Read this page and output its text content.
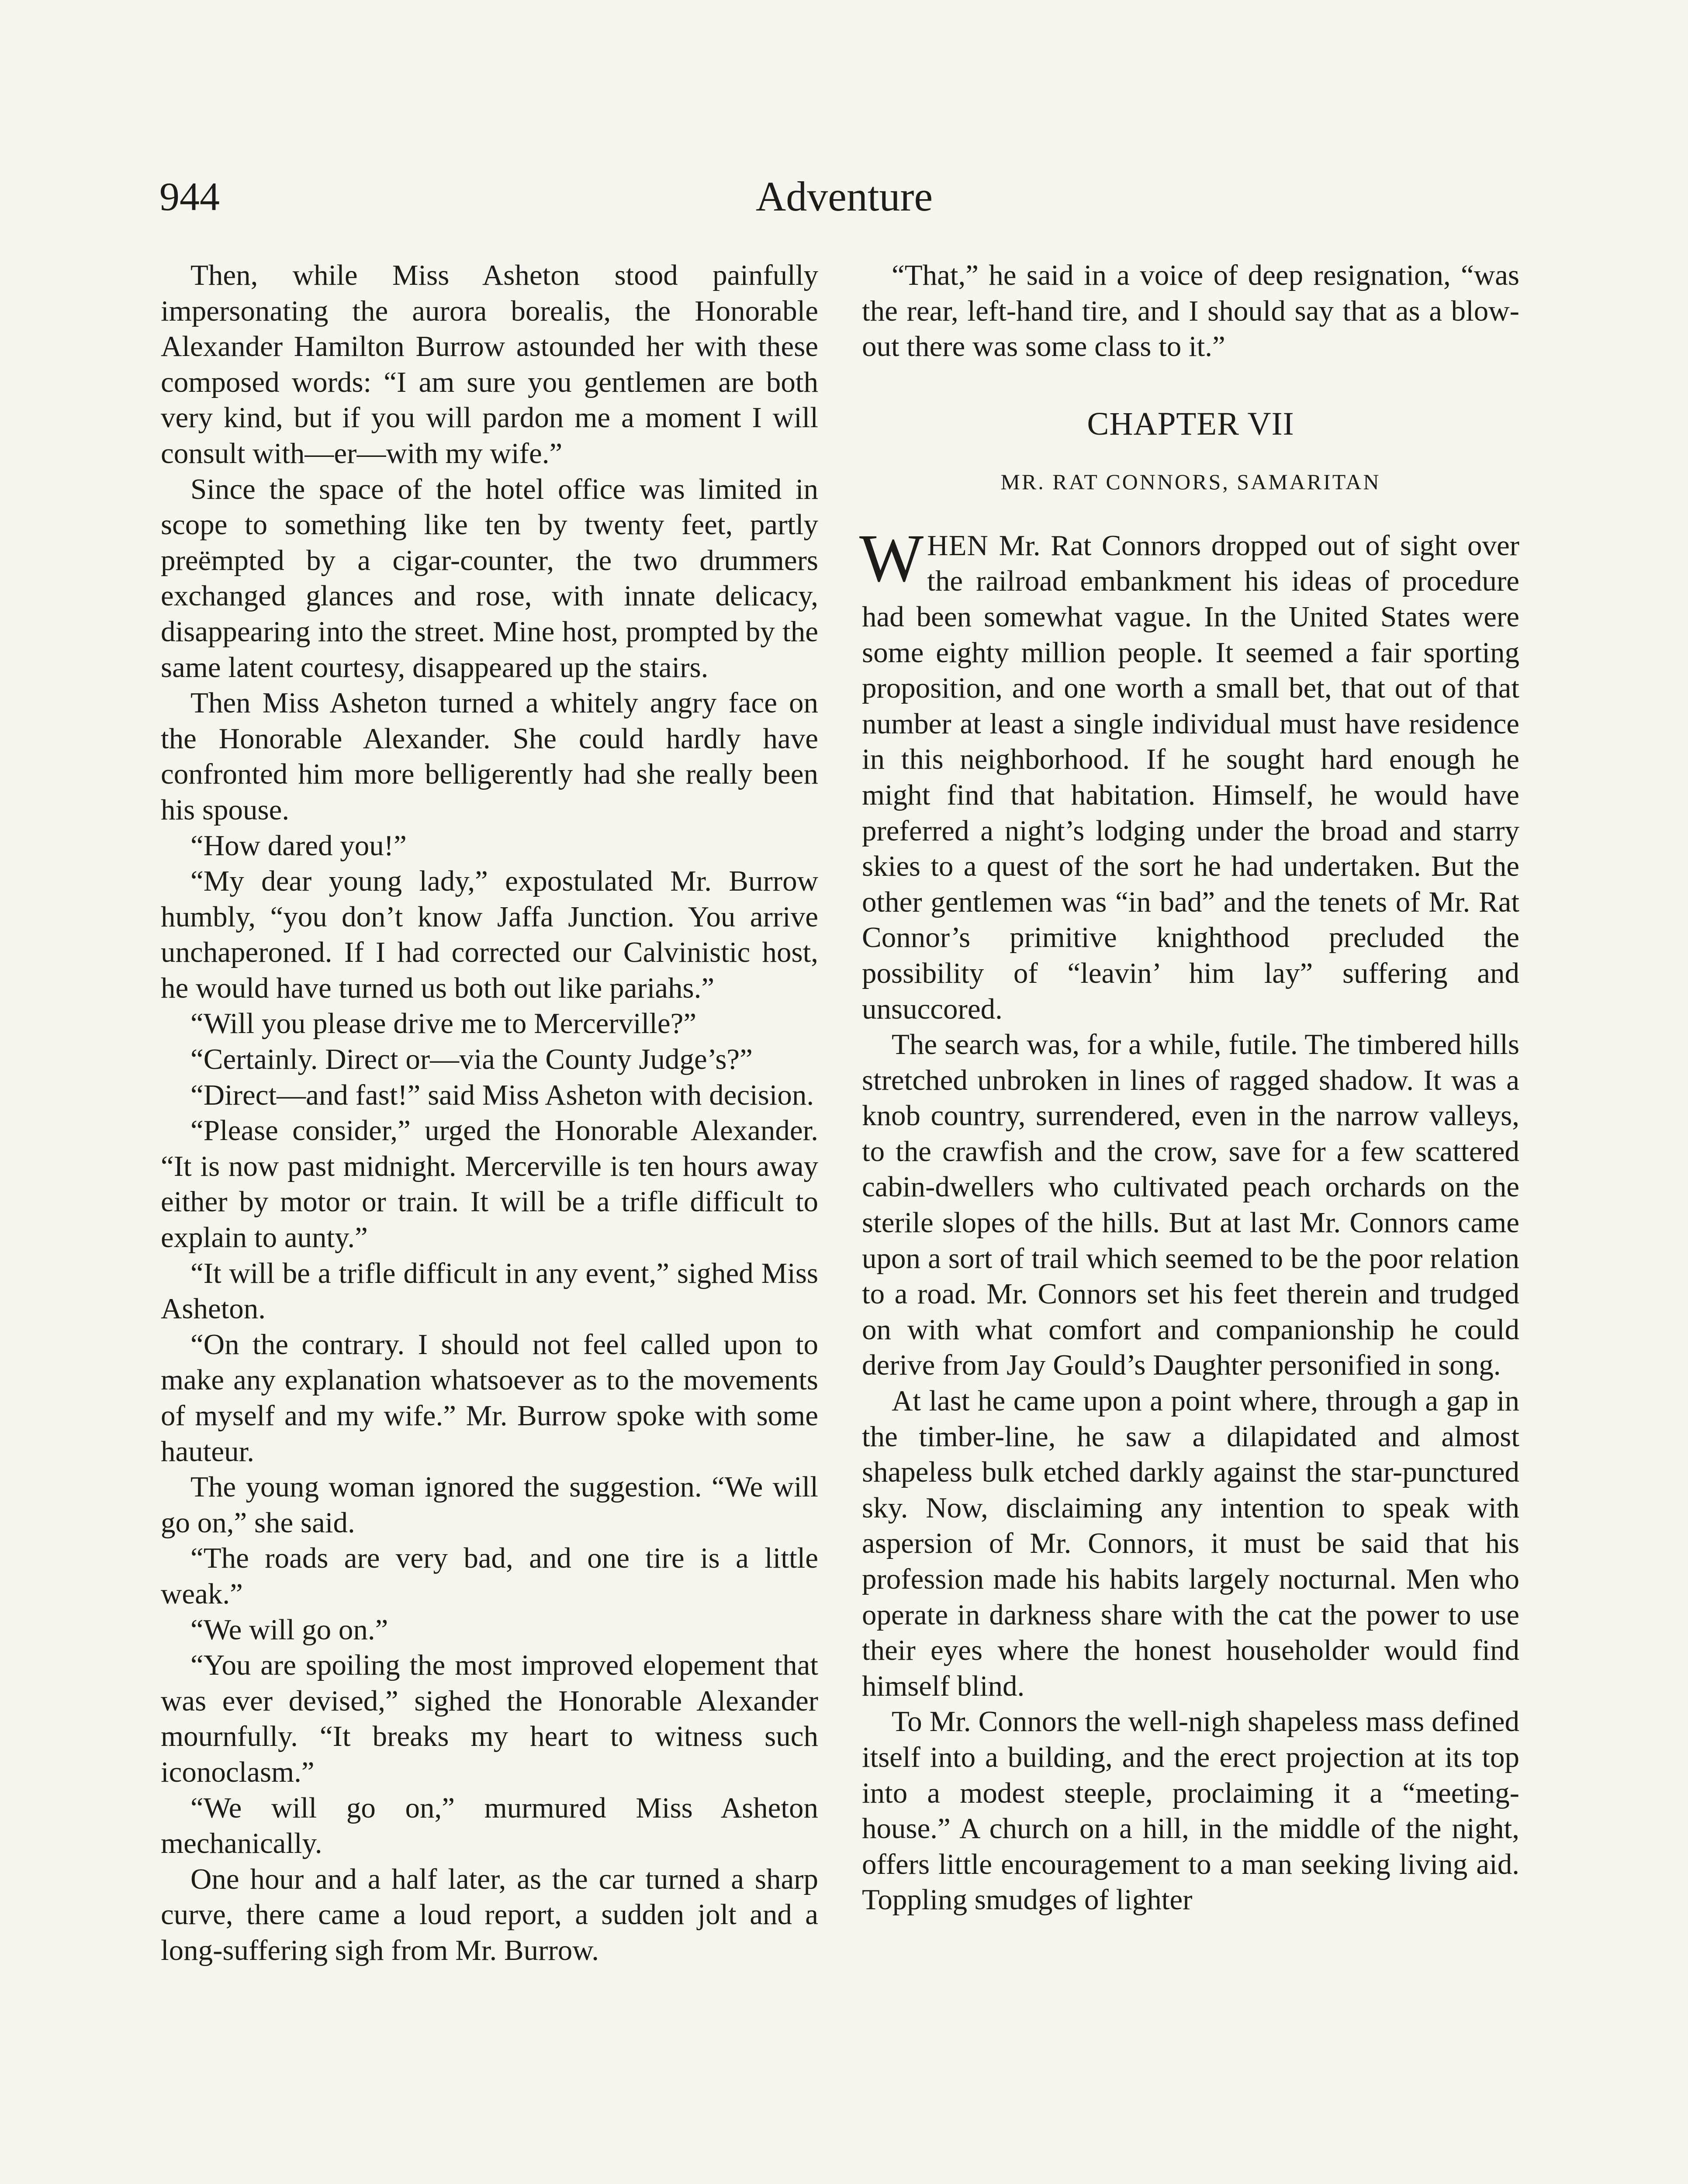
944	Adventure

Then, while Miss Asheton stood painfully impersonating the aurora borealis, the Honorable Alexander Hamilton Burrow astounded her with these composed words: “I am sure you gentlemen are both very kind, but if you will pardon me a moment I will consult with—er—with my wife.”

Since the space of the hotel office was limited in scope to something like ten by twenty feet, partly preëmpted by a cigar-counter, the two drummers exchanged glances and rose, with innate delicacy, disappearing into the street. Mine host, prompted by the same latent courtesy, disappeared up the stairs.

Then Miss Asheton turned a whitely angry face on the Honorable Alexander. She could hardly have confronted him more belligerently had she really been his spouse.

“How dared you!”

“My dear young lady,” expostulated Mr. Burrow humbly, “you don’t know Jaffa Junction. You arrive unchaperoned. If I had corrected our Calvinistic host, he would have turned us both out like pariahs.”

“Will you please drive me to Mercerville?”

“Certainly. Direct or—via the County Judge’s?”

“Direct—and fast!” said Miss Asheton with decision.

“Please consider,” urged the Honorable Alexander. “It is now past midnight. Mercerville is ten hours away either by motor or train. It will be a trifle difficult to explain to aunty.”

“It will be a trifle difficult in any event,” sighed Miss Asheton.

“On the contrary. I should not feel called upon to make any explanation whatsoever as to the movements of myself and my wife.” Mr. Burrow spoke with some hauteur.

The young woman ignored the suggestion. “We will go on,” she said.

“The roads are very bad, and one tire is a little weak.”

“We will go on.”

“You are spoiling the most improved elopement that was ever devised,” sighed the Honorable Alexander mournfully. “It breaks my heart to witness such iconoclasm.”

“We will go on,” murmured Miss Asheton mechanically.

One hour and a half later, as the car turned a sharp curve, there came a loud report, a sudden jolt and a long-suffering sigh from Mr. Burrow.

“That,” he said in a voice of deep resignation, “was the rear, left-hand tire, and I should say that as a blow-out there was some class to it.”

CHAPTER VII
MR. RAT CONNORS, SAMARITAN

WHEN Mr. Rat Connors dropped out of sight over the railroad embankment his ideas of procedure had been somewhat vague. In the United States were some eighty million people. It seemed a fair sporting proposition, and one worth a small bet, that out of that number at least a single individual must have residence in this neighborhood. If he sought hard enough he might find that habitation. Himself, he would have preferred a night’s lodging under the broad and starry skies to a quest of the sort he had undertaken. But the other gentlemen was “in bad” and the tenets of Mr. Rat Connor’s primitive knighthood precluded the possibility of “leavin’ him lay” suffering and unsuccored.

The search was, for a while, futile. The timbered hills stretched unbroken in lines of ragged shadow. It was a knob country, surrendered, even in the narrow valleys, to the crawfish and the crow, save for a few scattered cabin-dwellers who cultivated peach orchards on the sterile slopes of the hills. But at last Mr. Connors came upon a sort of trail which seemed to be the poor relation to a road. Mr. Connors set his feet therein and trudged on with what comfort and companionship he could derive from Jay Gould’s Daughter personified in song.

At last he came upon a point where, through a gap in the timber-line, he saw a dilapidated and almost shapeless bulk etched darkly against the star-punctured sky. Now, disclaiming any intention to speak with aspersion of Mr. Connors, it must be said that his profession made his habits largely nocturnal. Men who operate in darkness share with the cat the power to use their eyes where the honest householder would find himself blind.

To Mr. Connors the well-nigh shapeless mass defined itself into a building, and the erect projection at its top into a modest steeple, proclaiming it a “meeting-house.” A church on a hill, in the middle of the night, offers little encouragement to a man seeking living aid. Toppling smudges of lighter
